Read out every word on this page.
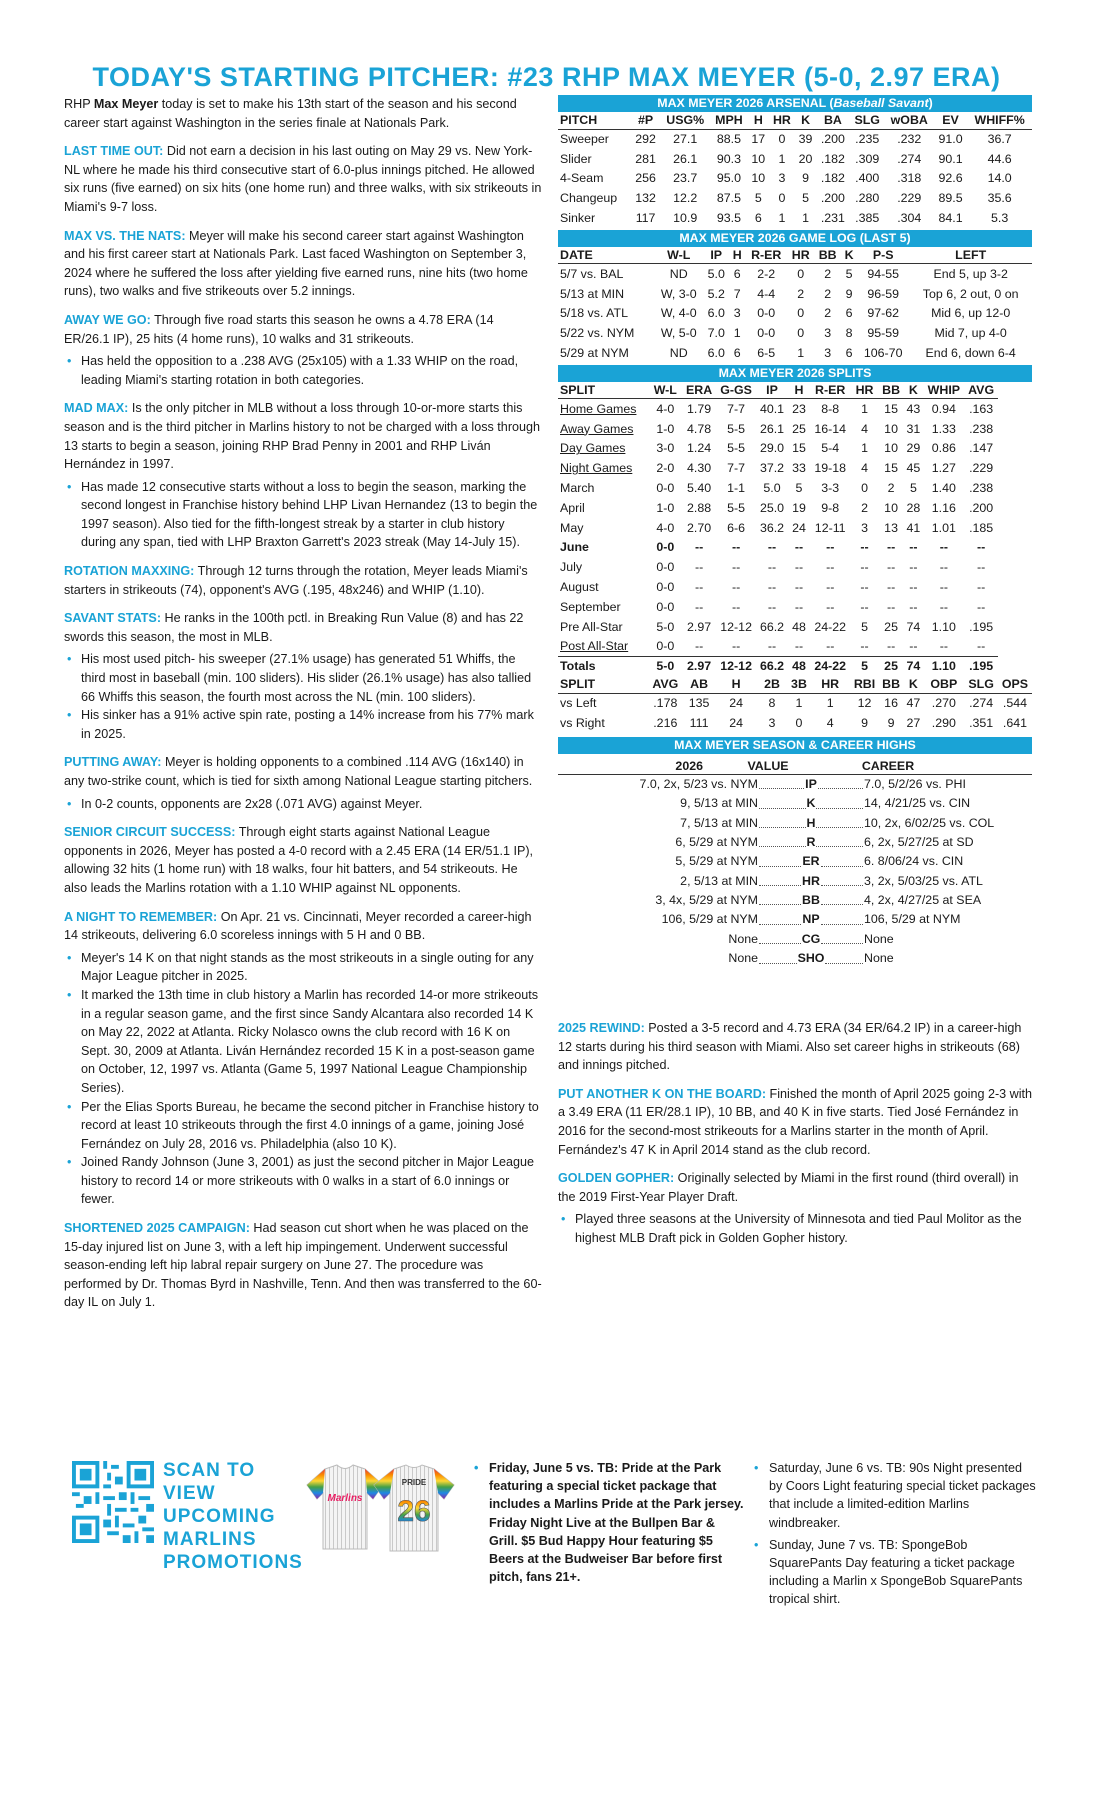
TODAY'S STARTING PITCHER: #23 RHP MAX MEYER (5-0, 2.97 ERA)

RHP Max Meyer today is set to make his 13th start of the season and his second career start against Washington in the series finale at Nationals Park.

LAST TIME OUT: Did not earn a decision in his last outing on May 29 vs. New York-NL where he made his third consecutive start of 6.0-plus innings pitched. He allowed six runs (five earned) on six hits (one home run) and three walks, with six strikeouts in Miami's 9-7 loss.

MAX VS. THE NATS: Meyer will make his second career start against Washington and his first career start at Nationals Park. Last faced Washington on September 3, 2024 where he suffered the loss after yielding five earned runs, nine hits (two home runs), two walks and five strikeouts over 5.2 innings.

AWAY WE GO: Through five road starts this season he owns a 4.78 ERA (14 ER/26.1 IP), 25 hits (4 home runs), 10 walks and 31 strikeouts.

• Has held the opposition to a .238 AVG (25x105) with a 1.33 WHIP on the road, leading Miami's starting rotation in both categories.

MAD MAX: Is the only pitcher in MLB without a loss through 10-or-more starts this season and is the third pitcher in Marlins history to not be charged with a loss through 13 starts to begin a season, joining RHP Brad Penny in 2001 and RHP Liván Hernández in 1997.

• Has made 12 consecutive starts without a loss to begin the season, marking the second longest in Franchise history behind LHP Livan Hernandez (13 to begin the 1997 season). Also tied for the fifth-longest streak by a starter in club history during any span, tied with LHP Braxton Garrett's 2023 streak (May 14-July 15).

ROTATION MAXXING: Through 12 turns through the rotation, Meyer leads Miami's starters in strikeouts (74), opponent's AVG (.195, 48x246) and WHIP (1.10).

SAVANT STATS: He ranks in the 100th pctl. in Breaking Run Value (8) and has 22 swords this season, the most in MLB.

• His most used pitch- his sweeper (27.1% usage) has generated 51 Whiffs, the third most in baseball (min. 100 sliders). His slider (26.1% usage) has also tallied 66 Whiffs this season, the fourth most across the NL (min. 100 sliders).
• His sinker has a 91% active spin rate, posting a 14% increase from his 77% mark in 2025.

PUTTING AWAY: Meyer is holding opponents to a combined .114 AVG (16x140) in any two-strike count, which is tied for sixth among National League starting pitchers.

• In 0-2 counts, opponents are 2x28 (.071 AVG) against Meyer.

SENIOR CIRCUIT SUCCESS: Through eight starts against National League opponents in 2026, Meyer has posted a 4-0 record with a 2.45 ERA (14 ER/51.1 IP), allowing 32 hits (1 home run) with 18 walks, four hit batters, and 54 strikeouts. He also leads the Marlins rotation with a 1.10 WHIP against NL opponents.

A NIGHT TO REMEMBER: On Apr. 21 vs. Cincinnati, Meyer recorded a career-high 14 strikeouts, delivering 6.0 scoreless innings with 5 H and 0 BB.

• Meyer's 14 K on that night stands as the most strikeouts in a single outing for any Major League pitcher in 2025.
• It marked the 13th time in club history a Marlin has recorded 14-or more strikeouts in a regular season game, and the first since Sandy Alcantara also recorded 14 K on May 22, 2022 at Atlanta. Ricky Nolasco owns the club record with 16 K on Sept. 30, 2009 at Atlanta. Liván Hernández recorded 15 K in a post-season game on October, 12, 1997 vs. Atlanta (Game 5, 1997 National League Championship Series).
• Per the Elias Sports Bureau, he became the second pitcher in Franchise history to record at least 10 strikeouts through the first 4.0 innings of a game, joining José Fernández on July 28, 2016 vs. Philadelphia (also 10 K).
• Joined Randy Johnson (June 3, 2001) as just the second pitcher in Major League history to record 14 or more strikeouts with 0 walks in a start of 6.0 innings or fewer.

SHORTENED 2025 CAMPAIGN: Had season cut short when he was placed on the 15-day injured list on June 3, with a left hip impingement. Underwent successful season-ending left hip labral repair surgery on June 27. The procedure was performed by Dr. Thomas Byrd in Nashville, Tenn. And then was transferred to the 60-day IL on July 1.

MAX MEYER 2026 ARSENAL (Baseball Savant)
PITCH	#P	USG%	MPH	H	HR	K	BA	SLG	wOBA	EV	WHIFF%
Sweeper	292	27.1	88.5	17	0	39	.200	.235	.232	91.0	36.7
Slider	281	26.1	90.3	10	1	20	.182	.309	.274	90.1	44.6
4-Seam	256	23.7	95.0	10	3	9	.182	.400	.318	92.6	14.0
Changeup	132	12.2	87.5	5	0	5	.200	.280	.229	89.5	35.6
Sinker	117	10.9	93.5	6	1	1	.231	.385	.304	84.1	5.3
MAX MEYER 2026 GAME LOG (LAST 5)
DATE	W-L	IP	H	R-ER	HR	BB	K	P-S	LEFT
5/7 vs. BAL	ND	5.0	6	2-2	0	2	5	94-55	End 5, up 3-2
5/13 at MIN	W, 3-0	5.2	7	4-4	2	2	9	96-59	Top 6, 2 out, 0 on
5/18 vs. ATL	W, 4-0	6.0	3	0-0	0	2	6	97-62	Mid 6, up 12-0
5/22 vs. NYM	W, 5-0	7.0	1	0-0	0	3	8	95-59	Mid 7, up 4-0
5/29 at NYM	ND	6.0	6	6-5	1	3	6	106-70	End 6, down 6-4
MAX MEYER 2026 SPLITS
SPLIT	W-L	ERA	G-GS	IP	H	R-ER	HR	BB	K	WHIP	AVG	
Home Games	4-0	1.79	7-7	40.1	23	8-8	1	15	43	0.94	.163	
Away Games	1-0	4.78	5-5	26.1	25	16-14	4	10	31	1.33	.238	
Day Games	3-0	1.24	5-5	29.0	15	5-4	1	10	29	0.86	.147	
Night Games	2-0	4.30	7-7	37.2	33	19-18	4	15	45	1.27	.229	
March	0-0	5.40	1-1	5.0	5	3-3	0	2	5	1.40	.238	
April	1-0	2.88	5-5	25.0	19	9-8	2	10	28	1.16	.200	
May	4-0	2.70	6-6	36.2	24	12-11	3	13	41	1.01	.185	
June	0-0	--	--	--	--	--	--	--	--	--	--	
July	0-0	--	--	--	--	--	--	--	--	--	--	
August	0-0	--	--	--	--	--	--	--	--	--	--	
September	0-0	--	--	--	--	--	--	--	--	--	--	
Pre All-Star	5-0	2.97	12-12	66.2	48	24-22	5	25	74	1.10	.195	
Post All-Star	0-0	--	--	--	--	--	--	--	--	--	--	
Totals	5-0	2.97	12-12	66.2	48	24-22	5	25	74	1.10	.195	
SPLIT	AVG	AB	H	2B	3B	HR	RBI	BB	K	OBP	SLG	OPS
vs Left	.178	135	24	8	1	1	12	16	47	.270	.274	.544
vs Right	.216	111	24	3	0	4	9	9	27	.290	.351	.641
MAX MEYER SEASON & CAREER HIGHS
2026	VALUE	CAREER
7.0, 2x, 5/23 vs. NYM	IP	7.0, 5/2/26 vs. PHI
9, 5/13 at MIN	K	14, 4/21/25 vs. CIN
7, 5/13 at MIN	H	10, 2x, 6/02/25 vs. COL
6, 5/29 at NYM	R	6, 2x, 5/27/25 at SD
5, 5/29 at NYM	ER	6. 8/06/24 vs. CIN
2, 5/13 at MIN	HR	3, 2x, 5/03/25 vs. ATL
3, 4x, 5/29 at NYM	BB	4, 2x, 4/27/25 at SEA
106, 5/29 at NYM	NP	106, 5/29 at NYM
None	CG	None
None	SHO	None

2025 REWIND: Posted a 3-5 record and 4.73 ERA (34 ER/64.2 IP) in a career-high 12 starts during his third season with Miami. Also set career highs in strikeouts (68) and innings pitched.

PUT ANOTHER K ON THE BOARD: Finished the month of April 2025 going 2-3 with a 3.49 ERA (11 ER/28.1 IP), 10 BB, and 40 K in five starts. Tied José Fernández in 2016 for the second-most strikeouts for a Marlins starter in the month of April. Fernández's 47 K in April 2014 stand as the club record.

GOLDEN GOPHER: Originally selected by Miami in the first round (third overall) in the 2019 First-Year Player Draft.

• Played three seasons at the University of Minnesota and tied Paul Molitor as the highest MLB Draft pick in Golden Gopher history.
SCAN TO VIEW
UPCOMING
MARLINS
PROMOTIONS
Marlins
PRIDE
26
• Friday, June 5 vs. TB: Pride at the Park featuring a special ticket package that includes a Marlins Pride at the Park jersey. Friday Night Live at the Bullpen Bar & Grill. $5 Bud Happy Hour featuring $5 Beers at the Budweiser Bar before first pitch, fans 21+.
• Saturday, June 6 vs. TB: 90s Night presented by Coors Light featuring special ticket packages that include a limited-edition Marlins windbreaker.
• Sunday, June 7 vs. TB: SpongeBob SquarePants Day featuring a ticket package including a Marlin x SpongeBob SquarePants tropical shirt.
